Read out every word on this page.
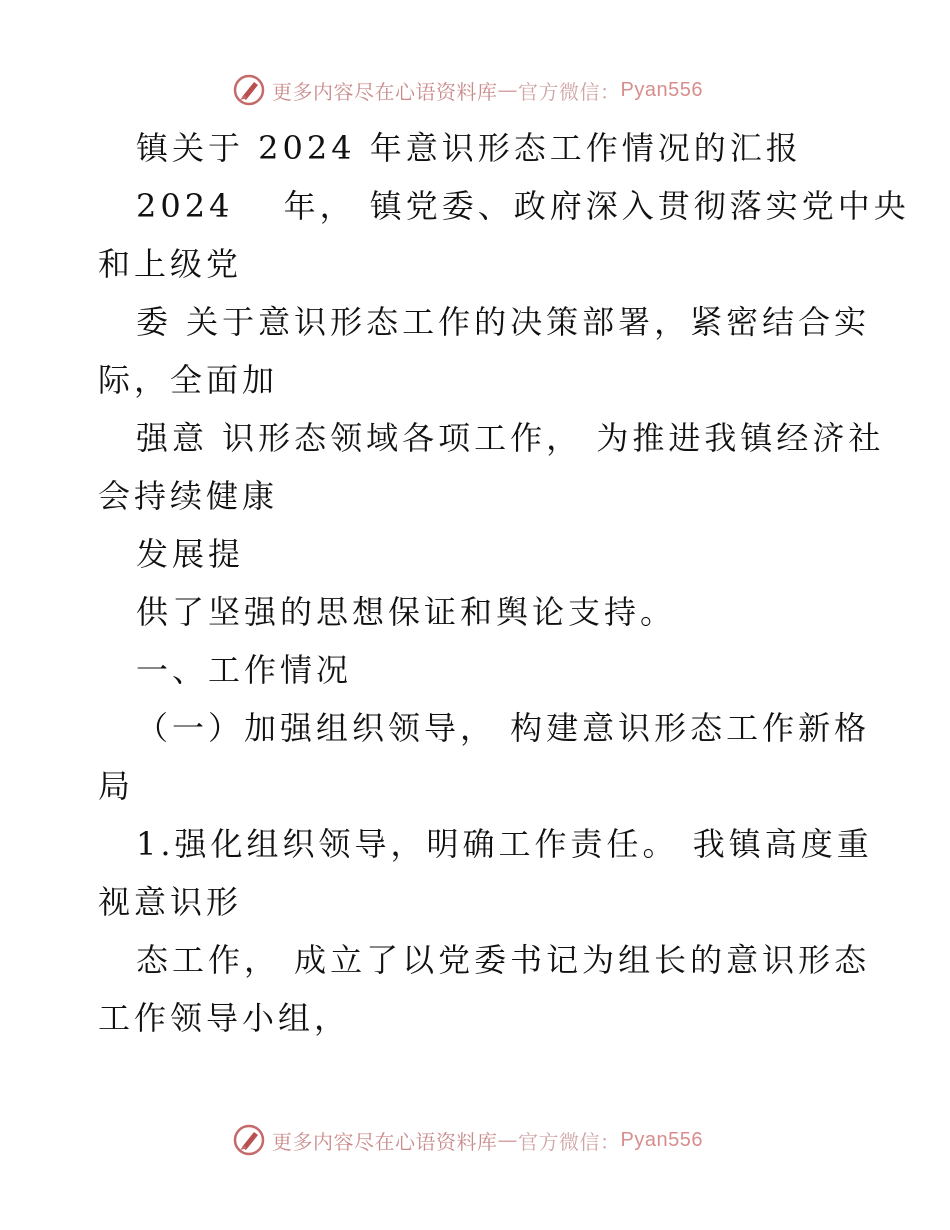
更多内容尽在心语资料库 — 官方微信： Pyan556
镇关于 2024 年意识形态工作情况的汇报
2024　 年， 镇党委、政府深入贯彻落实党中央
和上级党
委 关于意识形态工作的决策部署，紧密结合实
际，全面加
强意 识形态领域各项工作， 为推进我镇经济社
会持续健康
发展提
供了坚强的思想保证和舆论支持。
一、工作情况
（一）加强组织领导， 构建意识形态工作新格
局
1.强化组织领导，明确工作责任。 我镇高度重
视意识形
态工作， 成立了以党委书记为组长的意识形态
工作领导小组，
更多内容尽在心语资料库 — 官方微信： Pyan556
